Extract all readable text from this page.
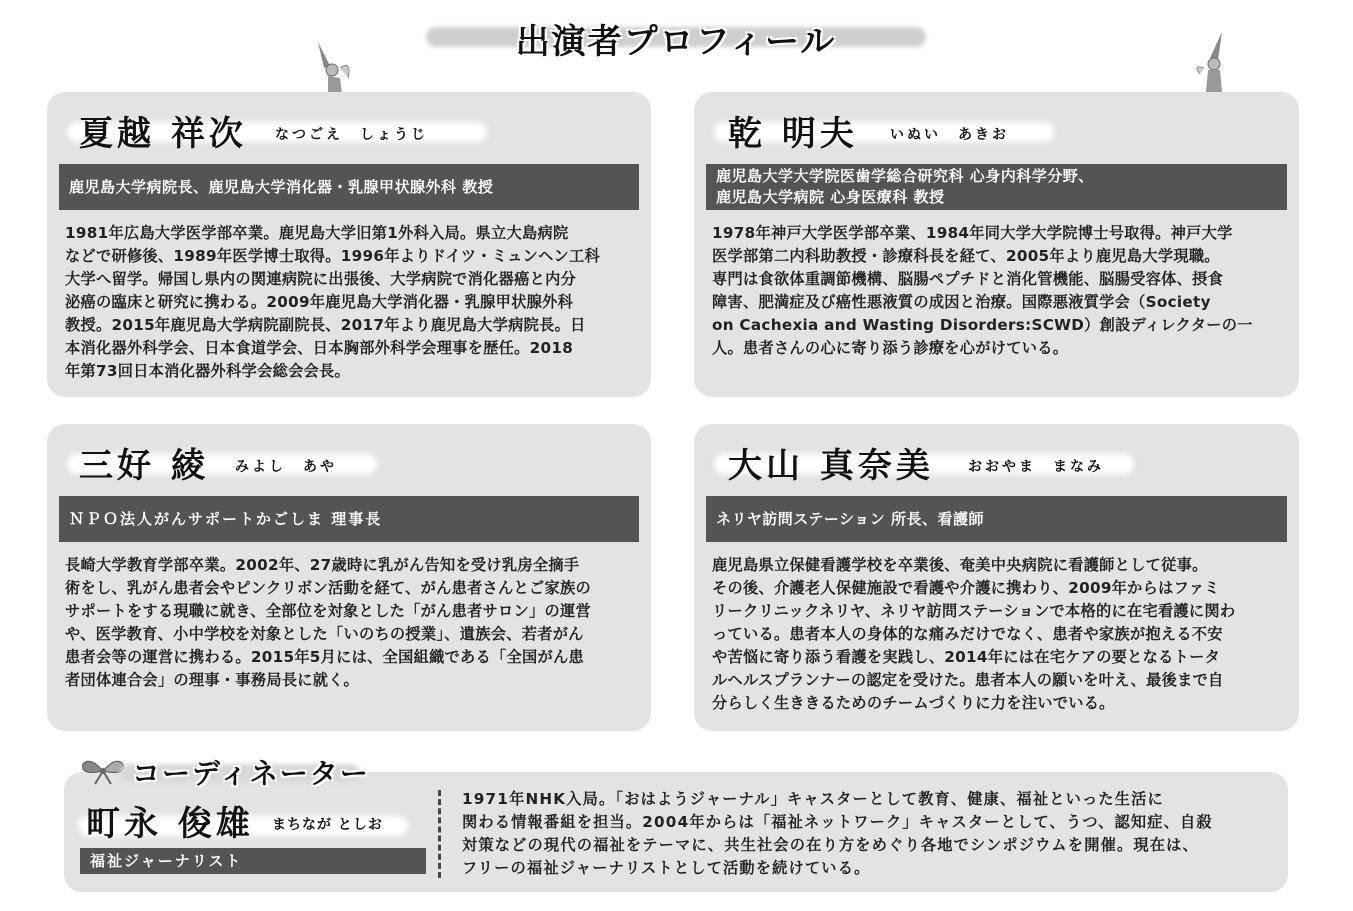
出演者プロフィール
夏越 祥次 なつごえ　しょうじ
鹿児島大学病院長、鹿児島大学消化器・乳腺甲状腺外科 教授
1981年広島大学医学部卒業。鹿児島大学旧第1外科入局。県立大島病院
などで研修後、1989年医学博士取得。1996年よりドイツ・ミュンヘン工科
大学へ留学。帰国し県内の関連病院に出張後、大学病院で消化器癌と内分
泌癌の臨床と研究に携わる。2009年鹿児島大学消化器・乳腺甲状腺外科
教授。2015年鹿児島大学病院副院長、2017年より鹿児島大学病院長。日
本消化器外科学会、日本食道学会、日本胸部外科学会理事を歴任。2018
年第73回日本消化器外科学会総会会長。
乾 明夫 いぬい　あきお
鹿児島大学大学院医歯学総合研究科 心身内科学分野、
鹿児島大学病院 心身医療科 教授
1978年神戸大学医学部卒業、1984年同大学大学院博士号取得。神戸大学
医学部第二内科助教授・診療科長を経て、2005年より鹿児島大学現職。
専門は食欲体重調節機構、脳腸ペプチドと消化管機能、脳腸受容体、摂食
障害、肥満症及び癌性悪液質の成因と治療。国際悪液質学会（Society
on Cachexia and Wasting Disorders:SCWD）創設ディレクターの一
人。患者さんの心に寄り添う診療を心がけている。
三好 綾 みよし　あや
ＮＰＯ法人がんサポートかごしま 理事長
長崎大学教育学部卒業。2002年、27歳時に乳がん告知を受け乳房全摘手
術をし、乳がん患者会やピンクリボン活動を経て、がん患者さんとご家族の
サポートをする現職に就き、全部位を対象とした「がん患者サロン」の運営
や、医学教育、小中学校を対象とした「いのちの授業」、遺族会、若者がん
患者会等の運営に携わる。2015年5月には、全国組織である「全国がん患
者団体連合会」の理事・事務局長に就く。
大山 真奈美 おおやま　まなみ
ネリヤ訪問ステーション 所長、看護師
鹿児島県立保健看護学校を卒業後、奄美中央病院に看護師として従事。
その後、介護老人保健施設で看護や介護に携わり、2009年からはファミ
リークリニックネリヤ、ネリヤ訪問ステーションで本格的に在宅看護に関わ
っている。患者本人の身体的な痛みだけでなく、患者や家族が抱える不安
や苦悩に寄り添う看護を実践し、2014年には在宅ケアの要となるトータ
ルヘルスプランナーの認定を受けた。患者本人の願いを叶え、最後まで自
分らしく生ききるためのチームづくりに力を注いでいる。
町永 俊雄 まちなが としお
福祉ジャーナリスト
1971年NHK入局。「おはようジャーナル」キャスターとして教育、健康、福祉といった生活に
関わる情報番組を担当。2004年からは「福祉ネットワーク」キャスターとして、うつ、認知症、自殺
対策などの現代の福祉をテーマに、共生社会の在り方をめぐり各地でシンポジウムを開催。現在は、
フリーの福祉ジャーナリストとして活動を続けている。
コーディネーター
